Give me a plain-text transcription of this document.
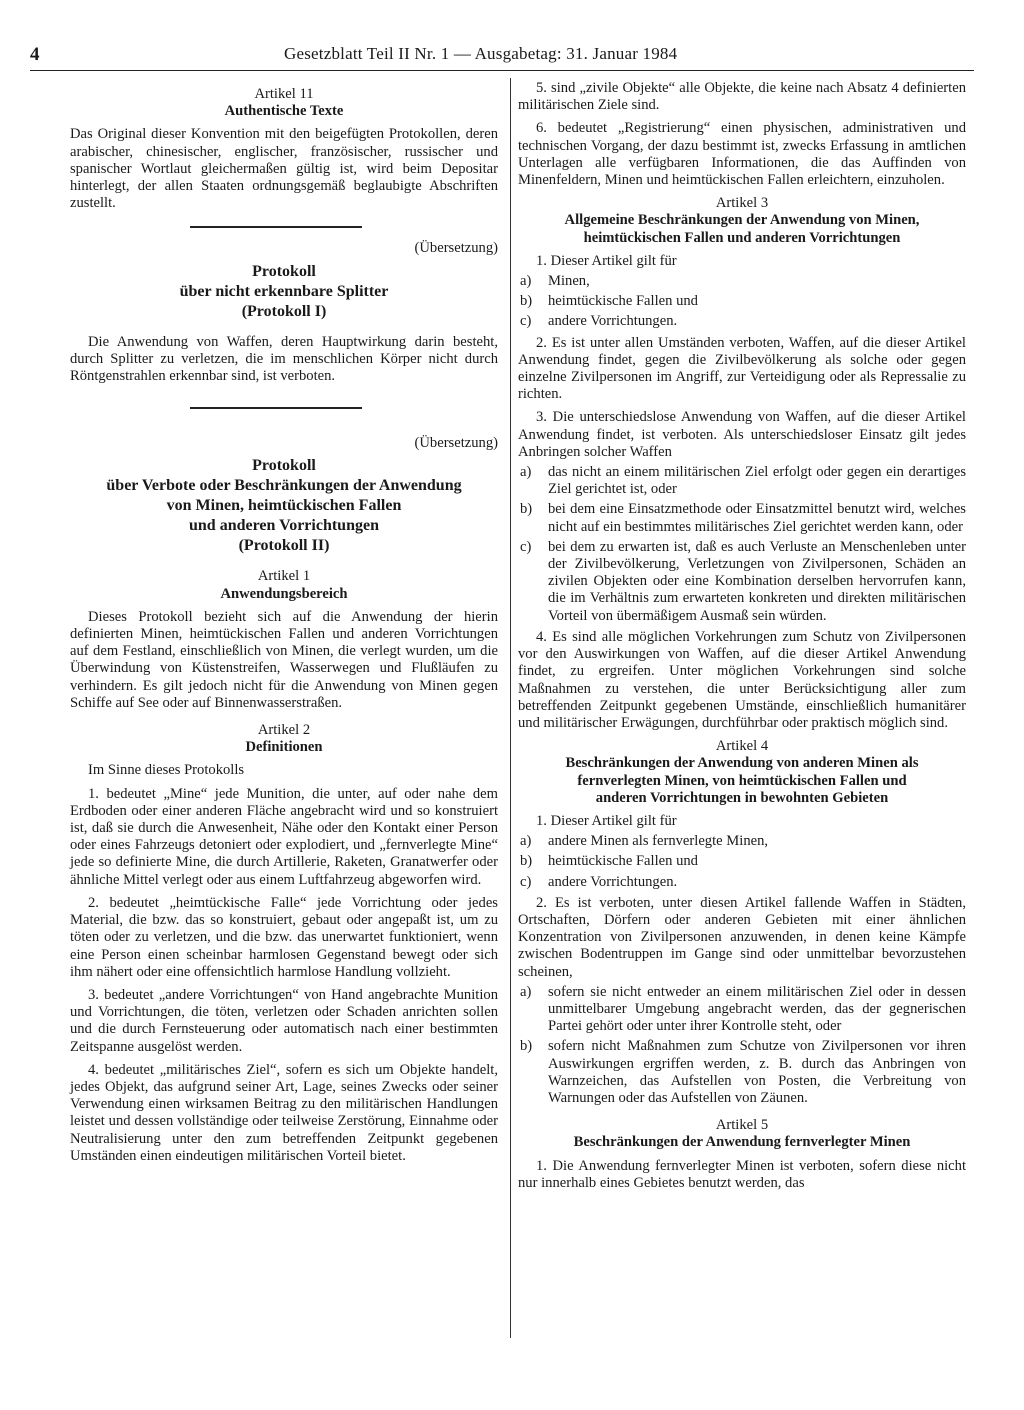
4	Gesetzblatt Teil II Nr. 1 — Ausgabetag: 31. Januar 1984
Artikel 11
Authentische Texte

Das Original dieser Konvention mit den beigefügten Protokollen, deren arabischer, chinesischer, englischer, französischer, russischer und spanischer Wortlaut gleichermaßen gültig ist, wird beim Depositar hinterlegt, der allen Staaten ordnungsgemäß beglaubigte Abschriften zustellt.

(Übersetzung)
Protokoll
über nicht erkennbare Splitter
(Protokoll I)

Die Anwendung von Waffen, deren Hauptwirkung darin besteht, durch Splitter zu verletzen, die im menschlichen Körper nicht durch Röntgenstrahlen erkennbar sind, ist verboten.

(Übersetzung)
Protokoll
über Verbote oder Beschränkungen der Anwendung
von Minen, heimtückischen Fallen
und anderen Vorrichtungen
(Protokoll II)
Artikel 1
Anwendungsbereich

Dieses Protokoll bezieht sich auf die Anwendung der hierin definierten Minen, heimtückischen Fallen und anderen Vorrichtungen auf dem Festland, einschließlich von Minen, die verlegt wurden, um die Überwindung von Küstenstreifen, Wasserwegen und Flußläufen zu verhindern. Es gilt jedoch nicht für die Anwendung von Minen gegen Schiffe auf See oder auf Binnenwasserstraßen.

Artikel 2
Definitionen

Im Sinne dieses Protokolls

1. bedeutet „Mine“ jede Munition, die unter, auf oder nahe dem Erdboden oder einer anderen Fläche angebracht wird und so konstruiert ist, daß sie durch die Anwesenheit, Nähe oder den Kontakt einer Person oder eines Fahrzeugs detoniert oder explodiert, und „fernverlegte Mine“ jede so definierte Mine, die durch Artillerie, Raketen, Granatwerfer oder ähnliche Mittel verlegt oder aus einem Luftfahrzeug abgeworfen wird.

2. bedeutet „heimtückische Falle“ jede Vorrichtung oder jedes Material, die bzw. das so konstruiert, gebaut oder angepaßt ist, um zu töten oder zu verletzen, und die bzw. das unerwartet funktioniert, wenn eine Person einen scheinbar harmlosen Gegenstand bewegt oder sich ihm nähert oder eine offensichtlich harmlose Handlung vollzieht.

3. bedeutet „andere Vorrichtungen“ von Hand angebrachte Munition und Vorrichtungen, die töten, verletzen oder Schaden anrichten sollen und die durch Fernsteuerung oder automatisch nach einer bestimmten Zeitspanne ausgelöst werden.

4. bedeutet „militärisches Ziel“, sofern es sich um Objekte handelt, jedes Objekt, das aufgrund seiner Art, Lage, seines Zwecks oder seiner Verwendung einen wirksamen Beitrag zu den militärischen Handlungen leistet und dessen vollständige oder teilweise Zerstörung, Einnahme oder Neutralisierung unter den zum betreffenden Zeitpunkt gegebenen Umständen einen eindeutigen militärischen Vorteil bietet.

5. sind „zivile Objekte“ alle Objekte, die keine nach Absatz 4 definierten militärischen Ziele sind.

6. bedeutet „Registrierung“ einen physischen, administrativen und technischen Vorgang, der dazu bestimmt ist, zwecks Erfassung in amtlichen Unterlagen alle verfügbaren Informationen, die das Auffinden von Minenfeldern, Minen und heimtückischen Fallen erleichtern, einzuholen.

Artikel 3
Allgemeine Beschränkungen der Anwendung von Minen,
heimtückischen Fallen und anderen Vorrichtungen

1. Dieser Artikel gilt für

a)	Minen,
b)	heimtückische Fallen und
c)	andere Vorrichtungen.

2. Es ist unter allen Umständen verboten, Waffen, auf die dieser Artikel Anwendung findet, gegen die Zivilbevölkerung als solche oder gegen einzelne Zivilpersonen im Angriff, zur Verteidigung oder als Repressalie zu richten.

3. Die unterschiedslose Anwendung von Waffen, auf die dieser Artikel Anwendung findet, ist verboten. Als unterschiedsloser Einsatz gilt jedes Anbringen solcher Waffen

a)	das nicht an einem militärischen Ziel erfolgt oder gegen ein derartiges Ziel gerichtet ist, oder
b)	bei dem eine Einsatzmethode oder Einsatzmittel benutzt wird, welches nicht auf ein bestimmtes militärisches Ziel gerichtet werden kann, oder
c)	bei dem zu erwarten ist, daß es auch Verluste an Menschenleben unter der Zivilbevölkerung, Verletzungen von Zivilpersonen, Schäden an zivilen Objekten oder eine Kombination derselben hervorrufen kann, die im Verhältnis zum erwarteten konkreten und direkten militärischen Vorteil von übermäßigem Ausmaß sein würden.

4. Es sind alle möglichen Vorkehrungen zum Schutz von Zivilpersonen vor den Auswirkungen von Waffen, auf die dieser Artikel Anwendung findet, zu ergreifen. Unter möglichen Vorkehrungen sind solche Maßnahmen zu verstehen, die unter Berücksichtigung aller zum betreffenden Zeitpunkt gegebenen Umstände, einschließlich humanitärer und militärischer Erwägungen, durchführbar oder praktisch möglich sind.

Artikel 4
Beschränkungen der Anwendung von anderen Minen als
fernverlegten Minen, von heimtückischen Fallen und
anderen Vorrichtungen in bewohnten Gebieten

1. Dieser Artikel gilt für

a)	andere Minen als fernverlegte Minen,
b)	heimtückische Fallen und
c)	andere Vorrichtungen.

2. Es ist verboten, unter diesen Artikel fallende Waffen in Städten, Ortschaften, Dörfern oder anderen Gebieten mit einer ähnlichen Konzentration von Zivilpersonen anzuwenden, in denen keine Kämpfe zwischen Bodentruppen im Gange sind oder unmittelbar bevorzustehen scheinen,

a)	sofern sie nicht entweder an einem militärischen Ziel oder in dessen unmittelbarer Umgebung angebracht werden, das der gegnerischen Partei gehört oder unter ihrer Kontrolle steht, oder
b)	sofern nicht Maßnahmen zum Schutze von Zivilpersonen vor ihren Auswirkungen ergriffen werden, z. B. durch das Anbringen von Warnzeichen, das Aufstellen von Posten, die Verbreitung von Warnungen oder das Aufstellen von Zäunen.
Artikel 5
Beschränkungen der Anwendung fernverlegter Minen

1. Die Anwendung fernverlegter Minen ist verboten, sofern diese nicht nur innerhalb eines Gebietes benutzt werden, das
